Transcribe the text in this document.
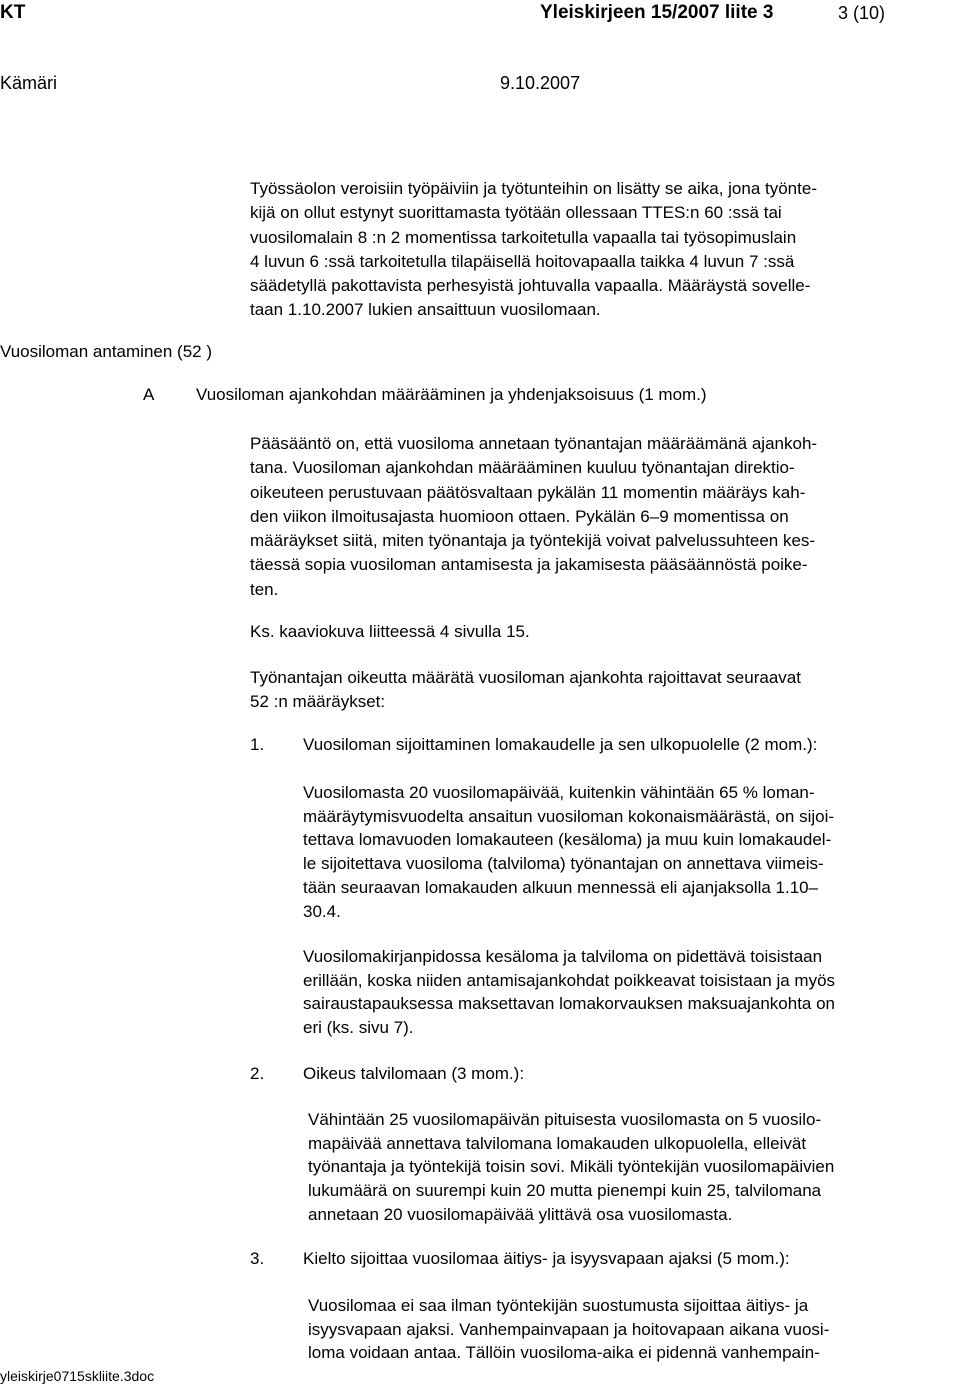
KT	Yleiskirjeen 15/2007 liite 3	3 (10)
Kämäri	9.10.2007
Työssäolon veroisiin työpäiviin ja työtunteihin on lisätty se aika, jona työnte-
kijä on ollut estynyt suorittamasta työtään ollessaan TTES:n 60 :ssä tai
vuosilomalain 8 :n 2 momentissa tarkoitetulla vapaalla tai työsopimuslain
4 luvun 6 :ssä tarkoitetulla tilapäisellä hoitovapaalla taikka 4 luvun 7 :ssä
säädetyllä pakottavista perhesyistä johtuvalla vapaalla. Määräystä sovelle-
taan 1.10.2007 lukien ansaittuun vuosilomaan.
Vuosiloman antaminen (52 )
A Vuosiloman ajankohdan määrääminen ja yhdenjaksoisuus (1 mom.)
Pääsääntö on, että vuosiloma annetaan työnantajan määräämänä ajankoh-
tana. Vuosiloman ajankohdan määrääminen kuuluu työnantajan direktio-
oikeuteen perustuvaan päätösvaltaan pykälän 11 momentin määräys kah-
den viikon ilmoitusajasta huomioon ottaen. Pykälän 6–9 momentissa on
määräykset siitä, miten työnantaja ja työntekijä voivat palvelussuhteen kes-
täessä sopia vuosiloman antamisesta ja jakamisesta pääsäännöstä poike-
ten.
Ks. kaaviokuva liitteessä 4 sivulla 15.
Työnantajan oikeutta määrätä vuosiloman ajankohta rajoittavat seuraavat
52 :n määräykset:
1. Vuosiloman sijoittaminen lomakaudelle ja sen ulkopuolelle (2 mom.):
Vuosilomasta 20 vuosilomapäivää, kuitenkin vähintään 65 % loman-
määräytymisvuodelta ansaitun vuosiloman kokonaismäärästä, on sijoi-
tettava lomavuoden lomakauteen (kesäloma) ja muu kuin lomakaudel-
le sijoitettava vuosiloma (talviloma) työnantajan on annettava viimeis-
tään seuraavan lomakauden alkuun mennessä eli ajanjaksolla 1.10–
30.4.
Vuosilomakirjanpidossa kesäloma ja talviloma on pidettävä toisistaan
erillään, koska niiden antamisajankohdat poikkeavat toisistaan ja myös
sairaustapauksessa maksettavan lomakorvauksen maksuajankohta on
eri (ks. sivu 7).
2. Oikeus talvilomaan (3 mom.):
Vähintään 25 vuosilomapäivän pituisesta vuosilomasta on 5 vuosilo-
mapäivää annettava talvilomana lomakauden ulkopuolella, elleivät
työnantaja ja työntekijä toisin sovi. Mikäli työntekijän vuosilomapäivien
lukumäärä on suurempi kuin 20 mutta pienempi kuin 25, talvilomana
annetaan 20 vuosilomapäivää ylittävä osa vuosilomasta.
3. Kielto sijoittaa vuosilomaa äitiys- ja isyysvapaan ajaksi (5 mom.):
Vuosilomaa ei saa ilman työntekijän suostumusta sijoittaa äitiys- ja
isyysvapaan ajaksi. Vanhempainvapaan ja hoitovapaan aikana vuosi-
loma voidaan antaa. Tällöin vuosiloma-aika ei pidennä vanhempain-
yleiskirje0715skliite.3doc
